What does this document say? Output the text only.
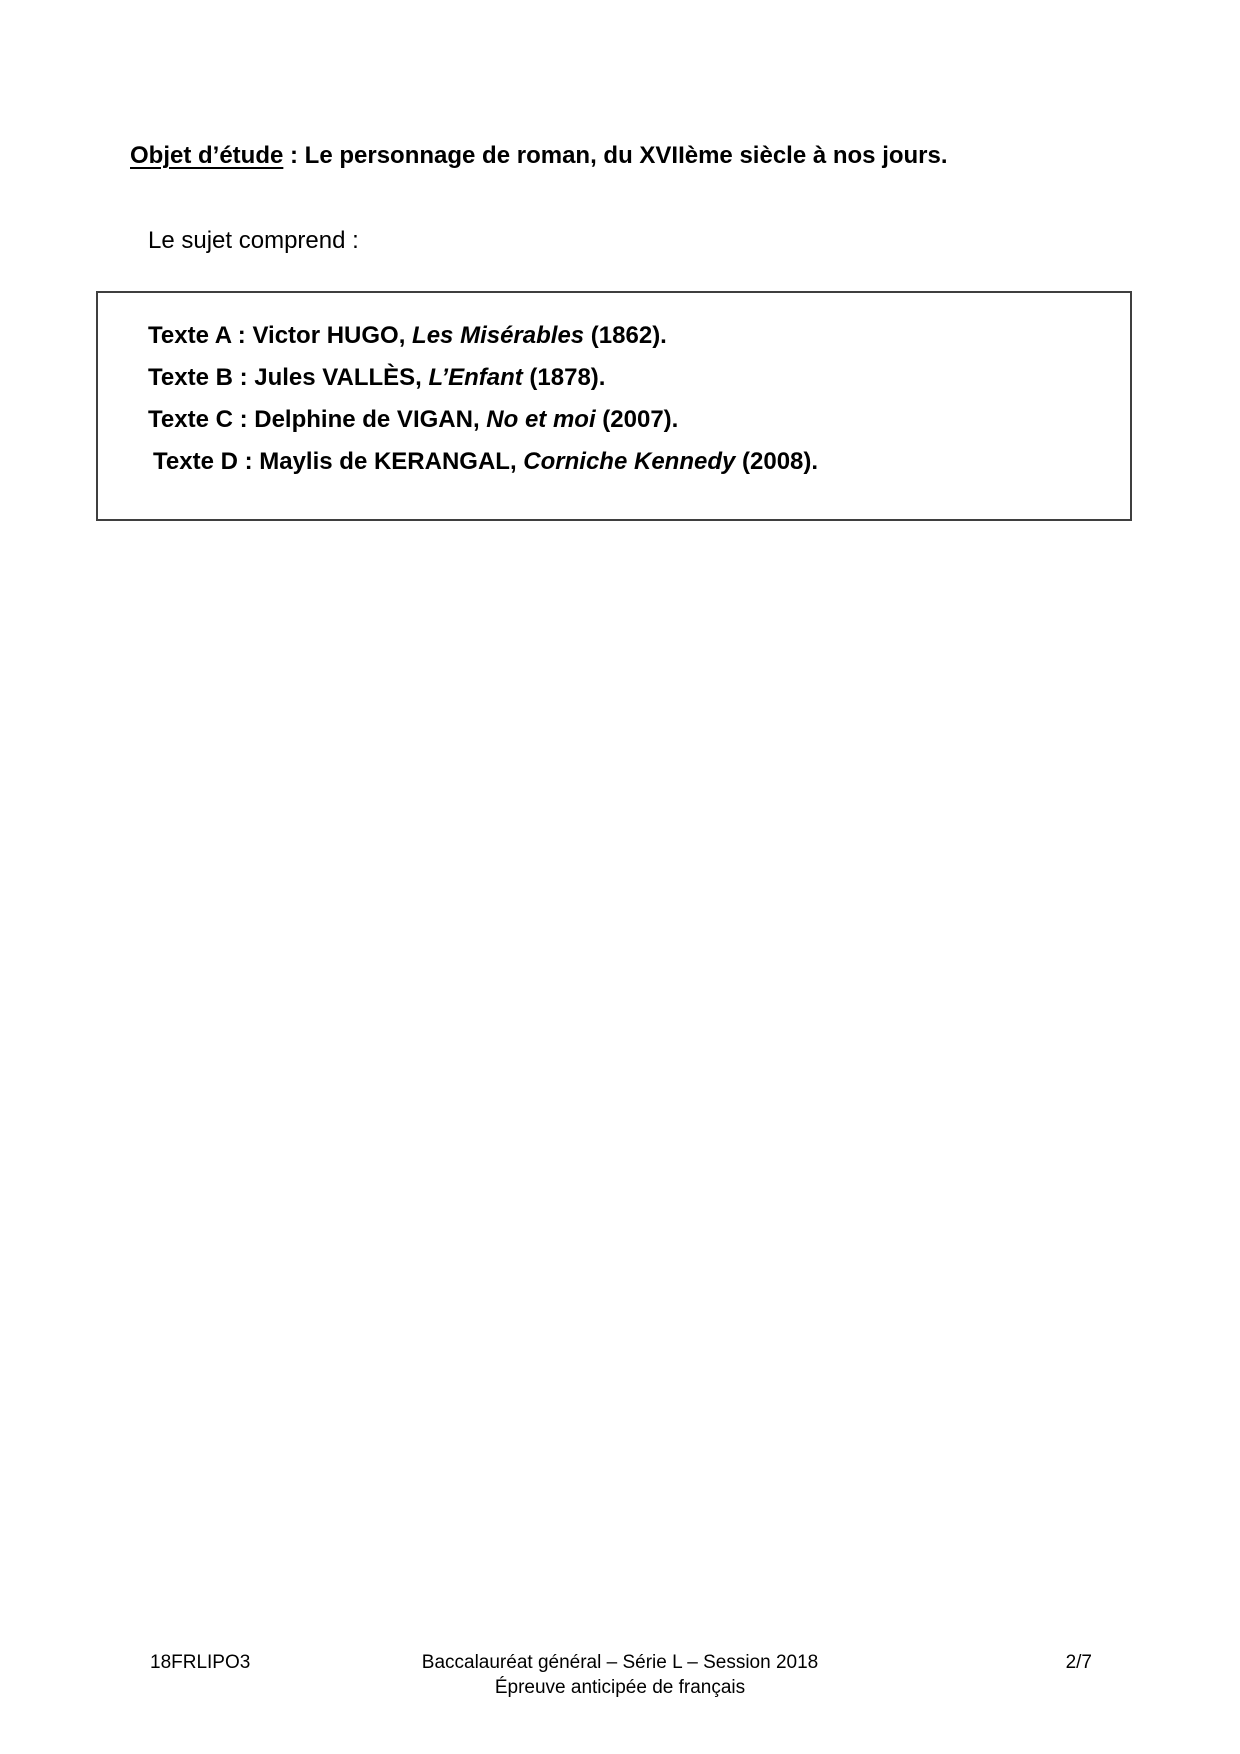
Objet d’étude : Le personnage de roman, du XVIIème siècle à nos jours.
Le sujet comprend :
Texte A : Victor HUGO, Les Misérables (1862).
Texte B : Jules VALLÈS, L’Enfant (1878).
Texte C : Delphine de VIGAN, No et moi (2007).
Texte D : Maylis de KERANGAL, Corniche Kennedy (2008).
18FRLIPO3	Baccalauréat général – Série L – Session 2018	2/7
Épreuve anticipée de français
